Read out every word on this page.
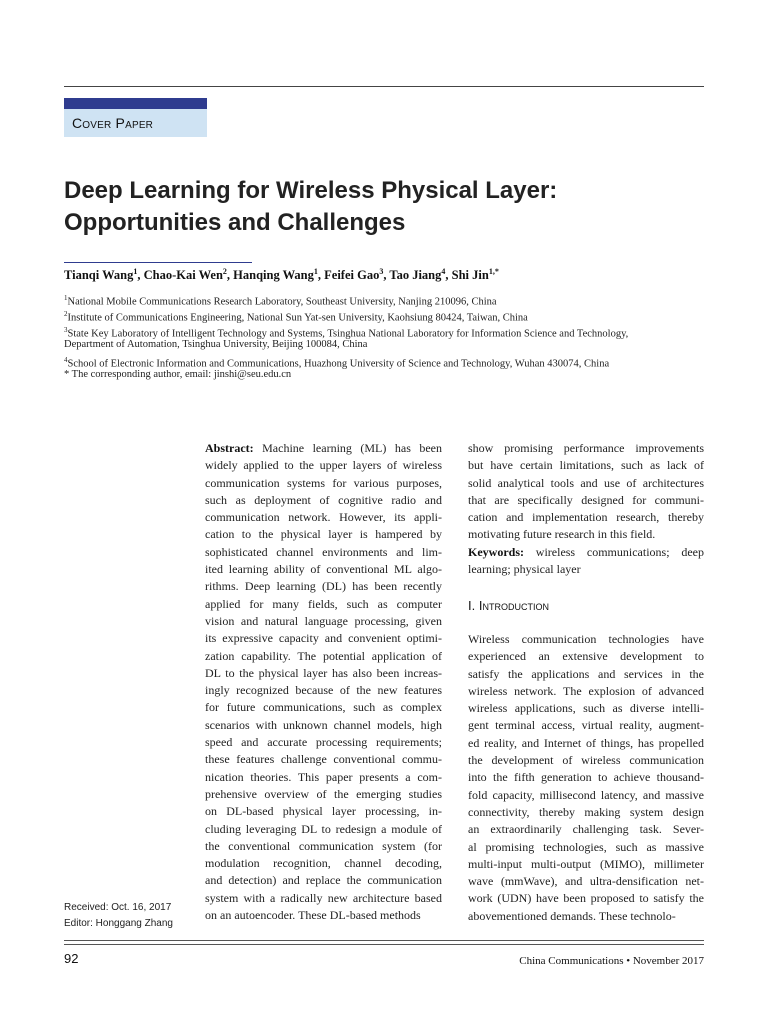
Cover Paper
Deep Learning for Wireless Physical Layer:
Opportunities and Challenges
Tianqi Wang$^1$, Chao-Kai Wen$^2$, Hanqing Wang$^1$, Feifei Gao$^3$, Tao Jiang$^4$, Shi Jin$^{1,*}$
$^1$National Mobile Communications Research Laboratory, Southeast University, Nanjing 210096, China
$^2$Institute of Communications Engineering, National Sun Yat-sen University, Kaohsiung 80424, Taiwan, China
$^3$State Key Laboratory of Intelligent Technology and Systems, Tsinghua National Laboratory for Information Science and Technology,
Department of Automation, Tsinghua University, Beijing 100084, China
$^4$School of Electronic Information and Communications, Huazhong University of Science and Technology, Wuhan 430074, China
* The corresponding author, email: jinshi@seu.edu.cn
Abstract: Machine learning (ML) has been
widely applied to the upper layers of wireless
communication systems for various purposes,
such as deployment of cognitive radio and
communication network. However, its appli-
cation to the physical layer is hampered by
sophisticated channel environments and lim-
ited learning ability of conventional ML algo-
rithms. Deep learning (DL) has been recently
applied for many fields, such as computer
vision and natural language processing, given
its expressive capacity and convenient optimi-
zation capability. The potential application of
DL to the physical layer has also been increas-
ingly recognized because of the new features
for future communications, such as complex
scenarios with unknown channel models, high
speed and accurate processing requirements;
these features challenge conventional commu-
nication theories. This paper presents a com-
prehensive overview of the emerging studies
on DL-based physical layer processing, in-
cluding leveraging DL to redesign a module of
the conventional communication system (for
modulation recognition, channel decoding,
and detection) and replace the communication
system with a radically new architecture based
on an autoencoder. These DL-based methods
show promising performance improvements
but have certain limitations, such as lack of
solid analytical tools and use of architectures
that are specifically designed for communi-
cation and implementation research, thereby
motivating future research in this field.
Keywords: wireless communications; deep
learning; physical layer
I. Introduction
Wireless communication technologies have
experienced an extensive development to
satisfy the applications and services in the
wireless network. The explosion of advanced
wireless applications, such as diverse intelli-
gent terminal access, virtual reality, augment-
ed reality, and Internet of things, has propelled
the development of wireless communication
into the fifth generation to achieve thousand-
fold capacity, millisecond latency, and massive
connectivity, thereby making system design
an extraordinarily challenging task. Sever-
al promising technologies, such as massive
multi-input multi-output (MIMO), millimeter
wave (mmWave), and ultra-densification net-
work (UDN) have been proposed to satisfy the
abovementioned demands. These technolo-
Received: Oct. 16, 2017
Editor: Honggang Zhang
92	China Communications • November 2017
